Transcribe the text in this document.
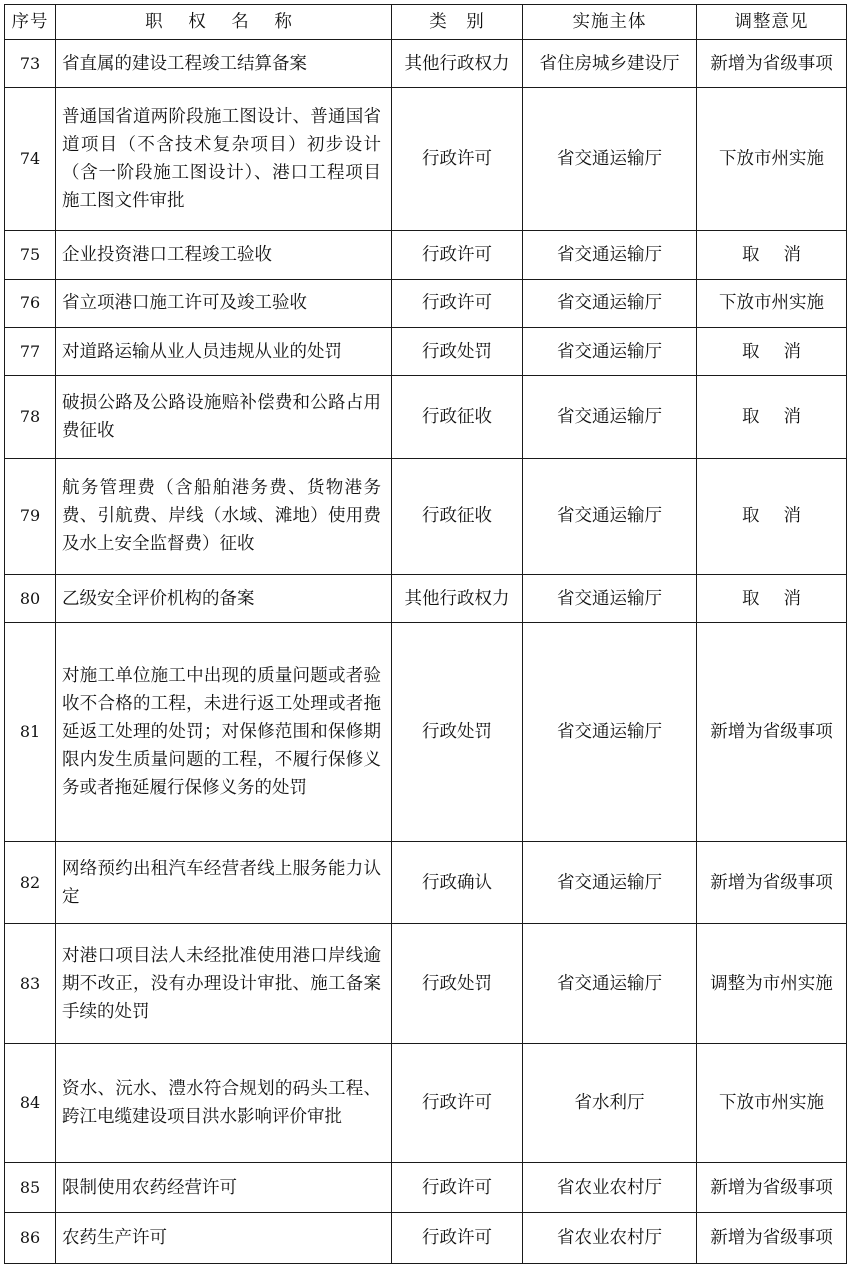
序号	职 权 名 称	类　别	实施主体	调整意见
73	省直属的建设工程竣工结算备案	其他行政权力	省住房城乡建设厅	新增为省级事项
74	普通国省道两阶段施工图设计、普通国省道项目（不含技术复杂项目）初步设计（含一阶段施工图设计）、港口工程项目施工图文件审批	行政许可	省交通运输厅	下放市州实施
75	企业投资港口工程竣工验收	行政许可	省交通运输厅	取消
76	省立项港口施工许可及竣工验收	行政许可	省交通运输厅	下放市州实施
77	对道路运输从业人员违规从业的处罚	行政处罚	省交通运输厅	取消
78	破损公路及公路设施赔补偿费和公路占用费征收	行政征收	省交通运输厅	取消
79	航务管理费（含船舶港务费、货物港务费、引航费、岸线（水域、滩地）使用费及水上安全监督费）征收	行政征收	省交通运输厅	取消
80	乙级安全评价机构的备案	其他行政权力	省交通运输厅	取消
81	对施工单位施工中出现的质量问题或者验收不合格的工程，未进行返工处理或者拖延返工处理的处罚；对保修范围和保修期限内发生质量问题的工程，不履行保修义务或者拖延履行保修义务的处罚	行政处罚	省交通运输厅	新增为省级事项
82	网络预约出租汽车经营者线上服务能力认定	行政确认	省交通运输厅	新增为省级事项
83	对港口项目法人未经批准使用港口岸线逾期不改正，没有办理设计审批、施工备案手续的处罚	行政处罚	省交通运输厅	调整为市州实施
84	资水、沅水、澧水符合规划的码头工程、跨江电缆建设项目洪水影响评价审批	行政许可	省水利厅	下放市州实施
85	限制使用农药经营许可	行政许可	省农业农村厅	新增为省级事项
86	农药生产许可	行政许可	省农业农村厅	新增为省级事项
